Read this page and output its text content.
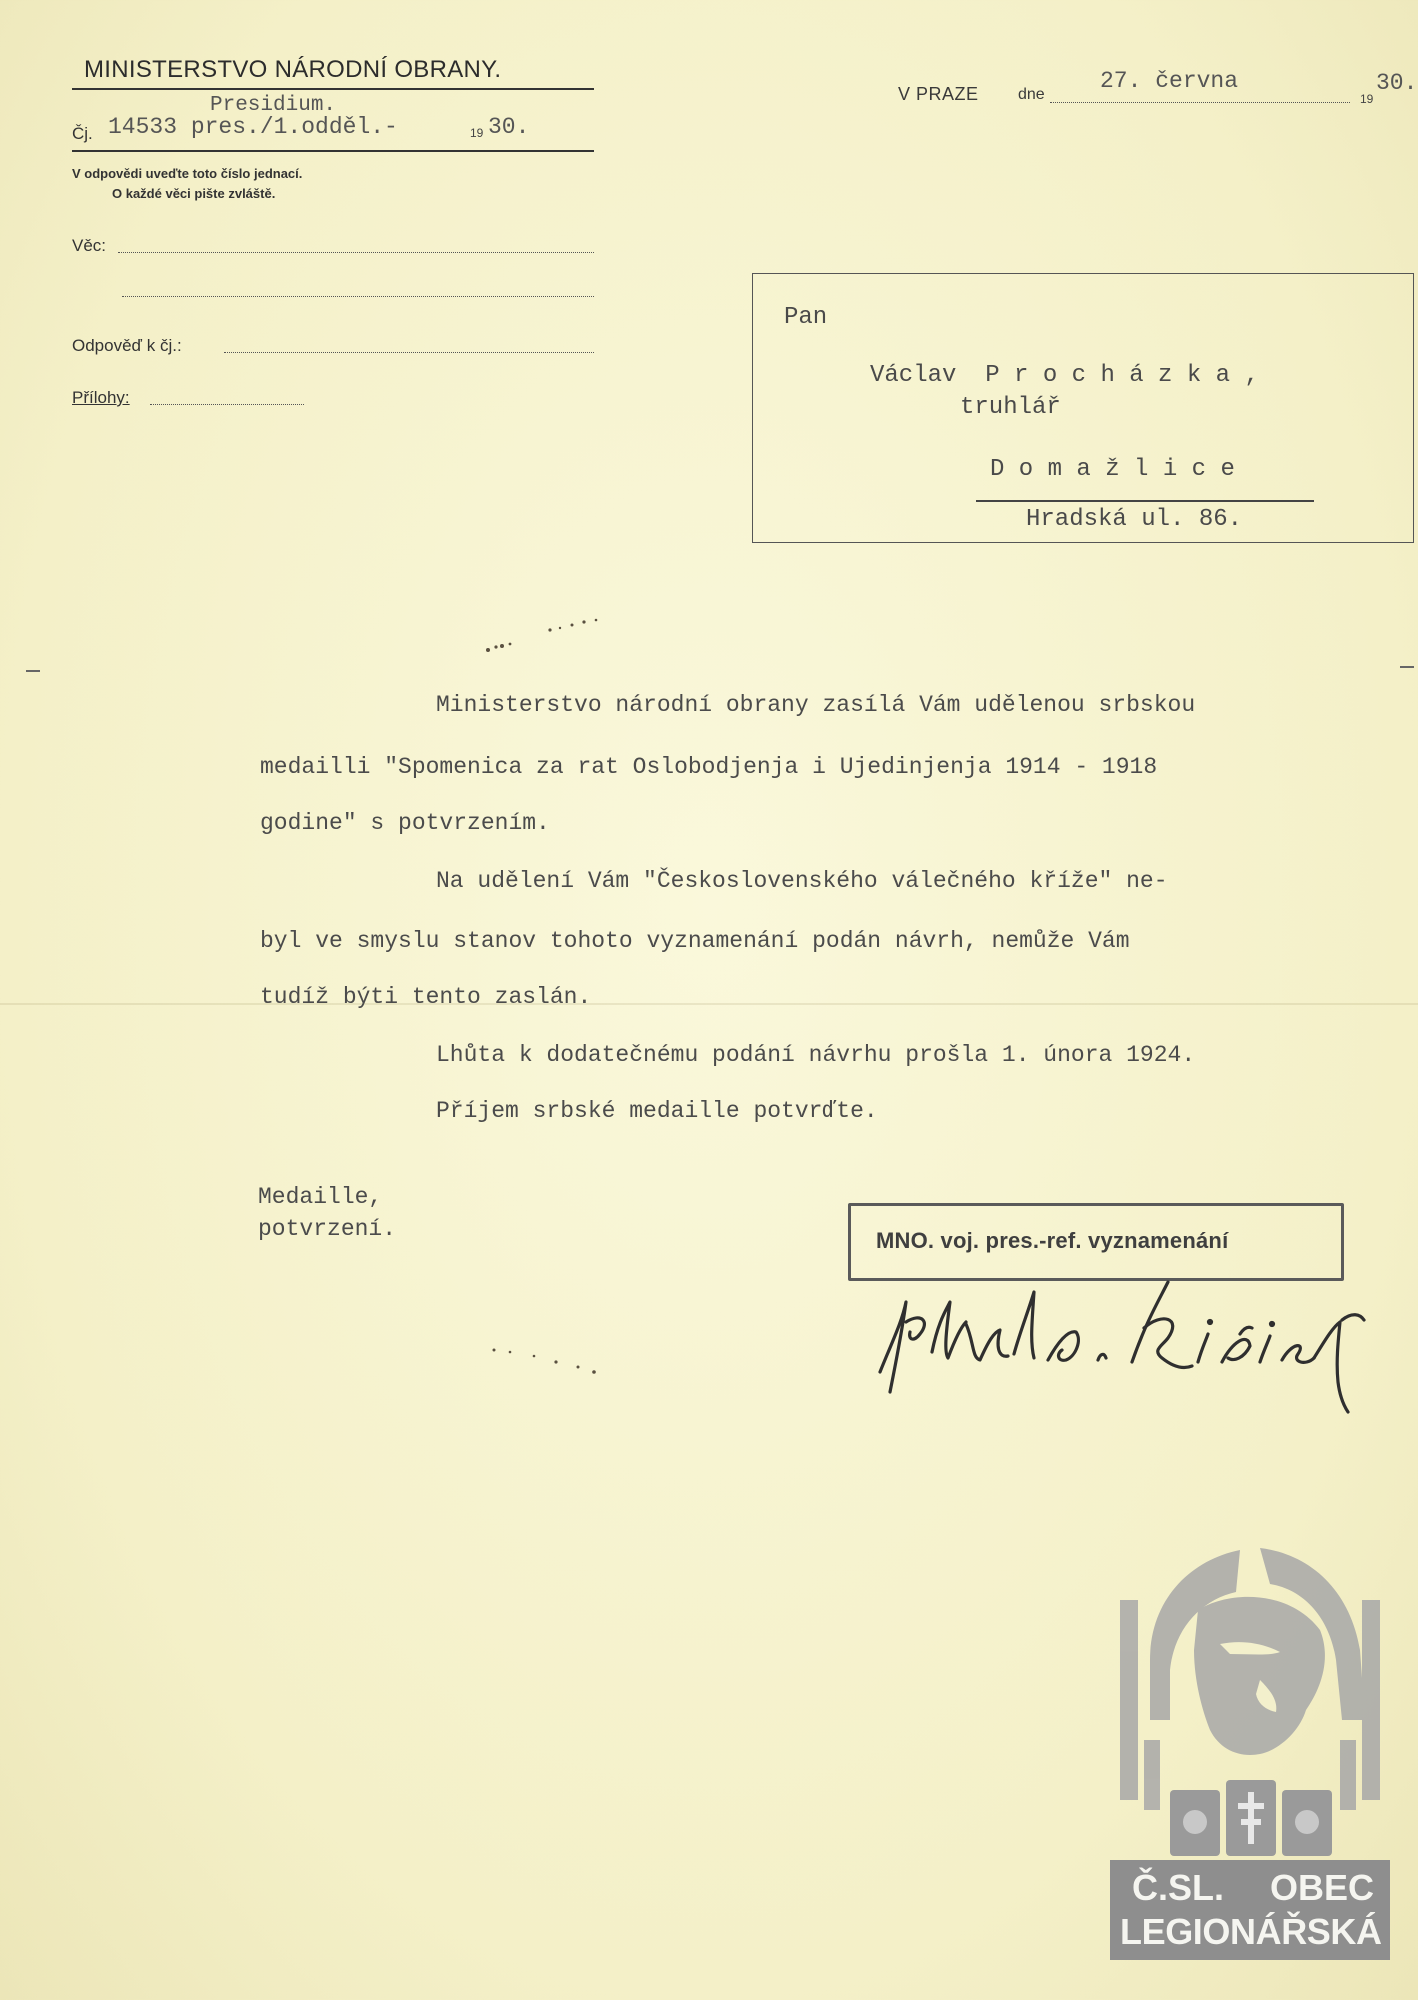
MINISTERSTVO NÁRODNÍ OBRANY.
Presidium.
Čj. 14533 pres./1.odděl.-	19 30.
V odpovědi uveďte toto číslo jednací.
O každé věci pište zvláště.
Věc:
Odpověď k čj.:
Přílohy:
V PRAZE dne
27. června
19
30.
Pan
Václav  P r o c h á z k a ,
truhlář
D o m a ž l i c e
Hradská ul. 86.
Ministerstvo národní obrany zasílá Vám udělenou srbskou
medailli "Spomenica za rat Oslobodjenja i Ujedinjenja 1914 - 1918
godine" s potvrzením.
Na udělení Vám "Československého válečného kříže" ne-
byl ve smyslu stanov tohoto vyznamenání podán návrh, nemůže Vám
tudíž býti tento zaslán.
Lhůta k dodatečnému podání návrhu prošla 1. února 1924.
Příjem srbské medaille potvrďte.
Medaille,
potvrzení.	MNO. voj. pres.-ref. vyznamenání
Č.SL. OBEC
LEGIONÁŘSKÁ
